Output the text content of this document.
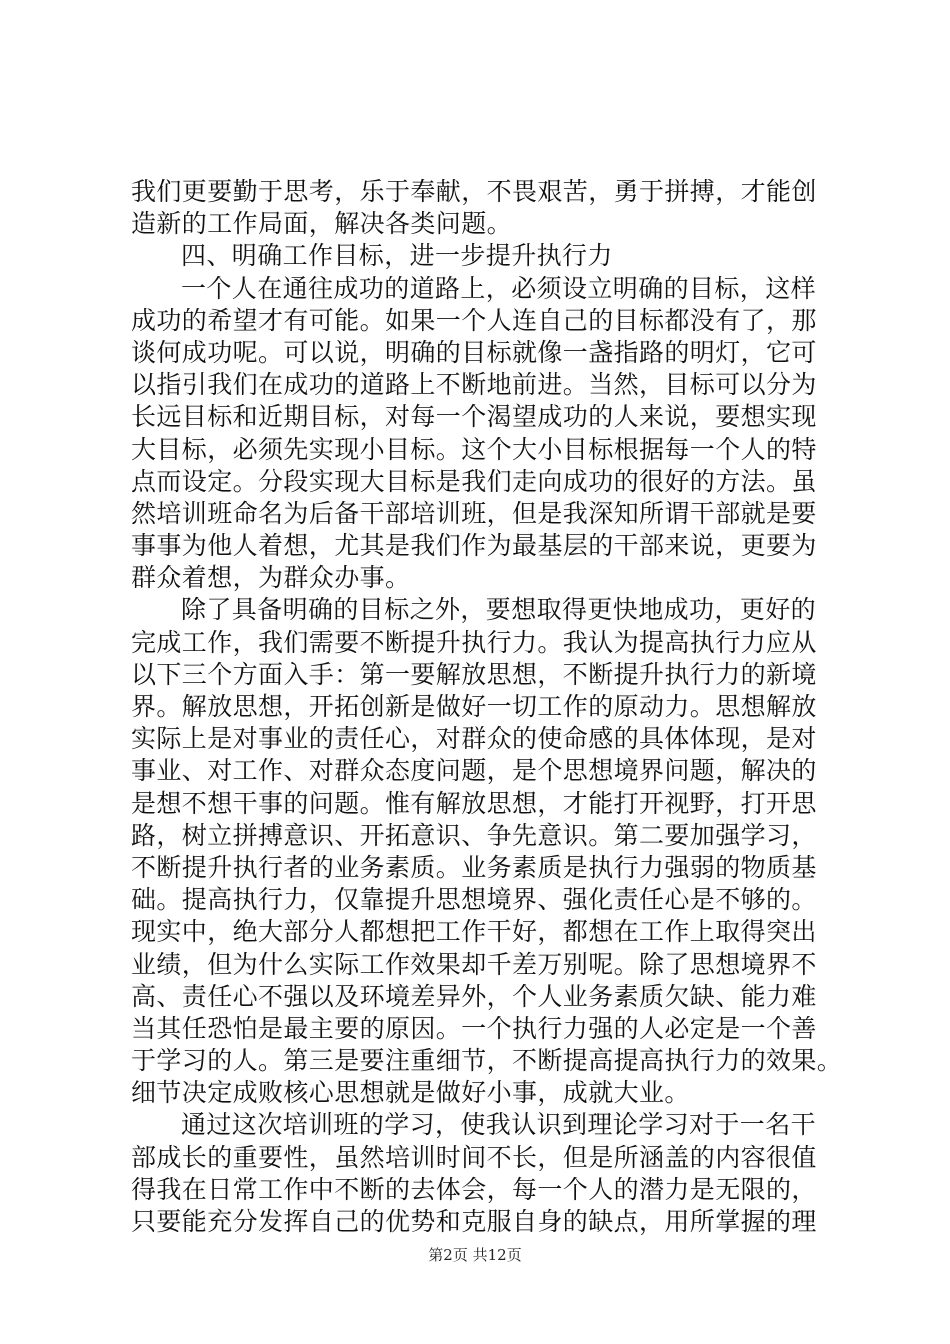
我们更要勤于思考，乐于奉献，不畏艰苦，勇于拼搏，才能创
造新的工作局面，解决各类问题。
四、明确工作目标，进一步提升执行力
一个人在通往成功的道路上，必须设立明确的目标，这样
成功的希望才有可能。如果一个人连自己的目标都没有了，那
谈何成功呢。可以说，明确的目标就像一盏指路的明灯，它可
以指引我们在成功的道路上不断地前进。当然，目标可以分为
长远目标和近期目标，对每一个渴望成功的人来说，要想实现
大目标，必须先实现小目标。这个大小目标根据每一个人的特
点而设定。分段实现大目标是我们走向成功的很好的方法。虽
然培训班命名为后备干部培训班，但是我深知所谓干部就是要
事事为他人着想，尤其是我们作为最基层的干部来说，更要为
群众着想，为群众办事。
除了具备明确的目标之外，要想取得更快地成功，更好的
完成工作，我们需要不断提升执行力。我认为提高执行力应从
以下三个方面入手：第一要解放思想，不断提升执行力的新境
界。解放思想，开拓创新是做好一切工作的原动力。思想解放
实际上是对事业的责任心，对群众的使命感的具体体现，是对
事业、对工作、对群众态度问题，是个思想境界问题，解决的
是想不想干事的问题。惟有解放思想，才能打开视野，打开思
路，树立拼搏意识、开拓意识、争先意识。第二要加强学习，
不断提升执行者的业务素质。业务素质是执行力强弱的物质基
础。提高执行力，仅靠提升思想境界、强化责任心是不够的。
现实中，绝大部分人都想把工作干好，都想在工作上取得突出
业绩，但为什么实际工作效果却千差万别呢。除了思想境界不
高、责任心不强以及环境差异外，个人业务素质欠缺、能力难
当其任恐怕是最主要的原因。一个执行力强的人必定是一个善
于学习的人。第三是要注重细节，不断提高提高执行力的效果。
细节决定成败核心思想就是做好小事，成就大业。
通过这次培训班的学习，使我认识到理论学习对于一名干
部成长的重要性，虽然培训时间不长，但是所涵盖的内容很值
得我在日常工作中不断的去体会，每一个人的潜力是无限的，
只要能充分发挥自己的优势和克服自身的缺点，用所掌握的理
第2页 共12页
